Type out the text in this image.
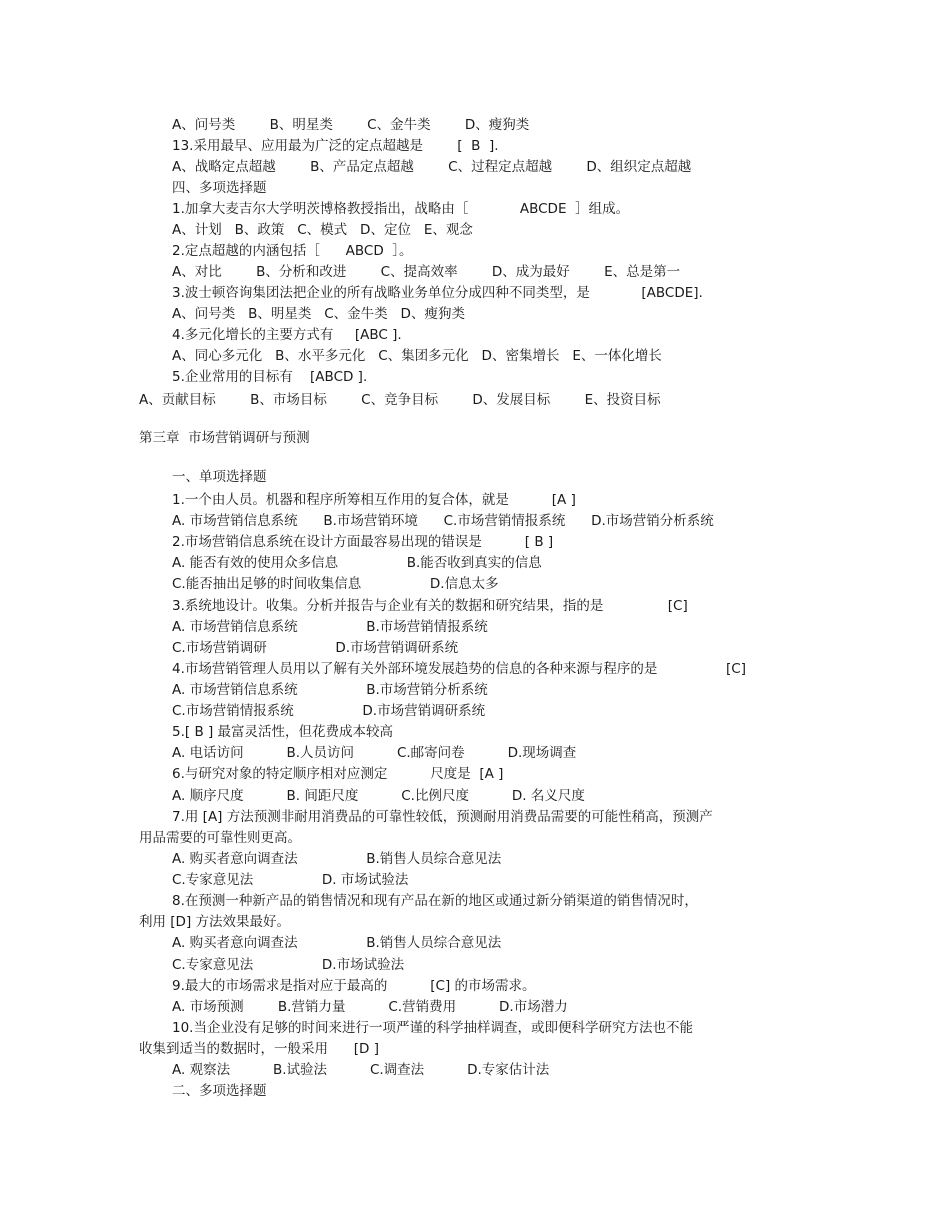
A、问号类        B、明星类        C、金牛类        D、瘦狗类
13.采用最早、应用最为广泛的定点超越是        [  B  ].
A、战略定点超越        B、产品定点超越        C、过程定点超越        D、组织定点超越
四、多项选择题
1.加拿大麦吉尔大学明茨博格教授指出，战略由［            ABCDE  ］组成。
A、计划   B、政策   C、模式   D、定位   E、观念
2.定点超越的内涵包括［      ABCD  ］。
A、对比        B、分析和改进        C、提高效率        D、成为最好        E、总是第一
3.波士顿咨询集团法把企业的所有战略业务单位分成四种不同类型，是            [ABCDE].
A、问号类   B、明星类   C、金牛类   D、瘦狗类
4.多元化增长的主要方式有     [ABC ].
A、同心多元化   B、水平多元化   C、集团多元化   D、密集增长   E、一体化增长
5.企业常用的目标有    [ABCD ].
A、贡献目标        B、市场目标        C、竞争目标        D、发展目标        E、投资目标
第三章  市场营销调研与预测
一、单项选择题
1.一个由人员。机器和程序所筹相互作用的复合体，就是          [A ]
A. 市场营销信息系统      B.市场营销环境      C.市场营销情报系统      D.市场营销分析系统
2.市场营销信息系统在设计方面最容易出现的错误是          [ B ]
A. 能否有效的使用众多信息                B.能否收到真实的信息
C.能否抽出足够的时间收集信息                D.信息太多
3.系统地设计。收集。分析并报告与企业有关的数据和研究结果，指的是               [C]
A. 市场营销信息系统                B.市场营销情报系统
C.市场营销调研                D.市场营销调研系统
4.市场营销管理人员用以了解有关外部环境发展趋势的信息的各种来源与程序的是                [C]
A. 市场营销信息系统                B.市场营销分析系统
C.市场营销情报系统                D.市场营销调研系统
5.[ B ] 最富灵活性，但花费成本较高
A. 电话访问          B.人员访问          C.邮寄问卷          D.现场调查
6.与研究对象的特定顺序相对应测定          尺度是  [A ]
A. 顺序尺度          B. 间距尺度          C.比例尺度          D. 名义尺度
7.用 [A] 方法预测非耐用消费品的可靠性较低，预测耐用消费品需要的可能性稍高，预测产
用品需要的可靠性则更高。
A. 购买者意向调查法                B.销售人员综合意见法
C.专家意见法                D. 市场试验法
8.在预测一种新产品的销售情况和现有产品在新的地区或通过新分销渠道的销售情况时，
利用 [D] 方法效果最好。
A. 购买者意向调查法                B.销售人员综合意见法
C.专家意见法                D.市场试验法
9.最大的市场需求是指对应于最高的          [C] 的市场需求。
A. 市场预测        B.营销力量          C.营销费用          D.市场潜力
10.当企业没有足够的时间来进行一项严谨的科学抽样调查，或即便科学研究方法也不能
收集到适当的数据时，一般采用      [D ]
A. 观察法          B.试验法          C.调查法          D.专家估计法
二、多项选择题
